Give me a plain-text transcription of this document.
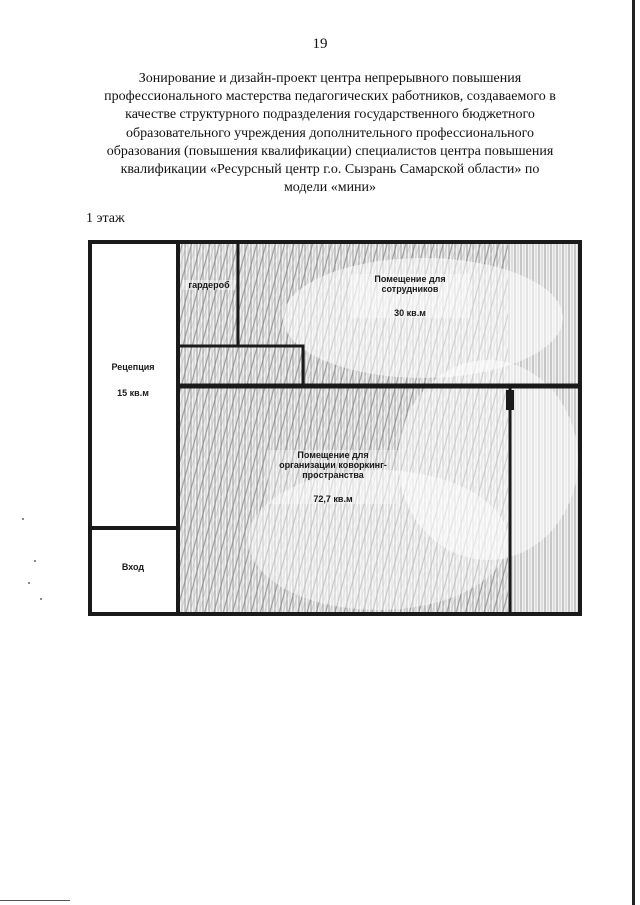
19
Зонирование и дизайн-проект центра непрерывного повышения
профессионального мастерства педагогических работников, создаваемого в
качестве структурного подразделения государственного бюджетного
образовательного учреждения дополнительного профессионального
образования (повышения квалификации) специалистов центра повышения
квалификации «Ресурсный центр г.о. Сызрань Самарской области» по
модели «мини»
1 этаж
Рецепция
15 кв.м
гардероб
Помещение для
сотрудников
30 кв.м
Помещение для
организации коворкинг-
пространства
72,7 кв.м
Вход
